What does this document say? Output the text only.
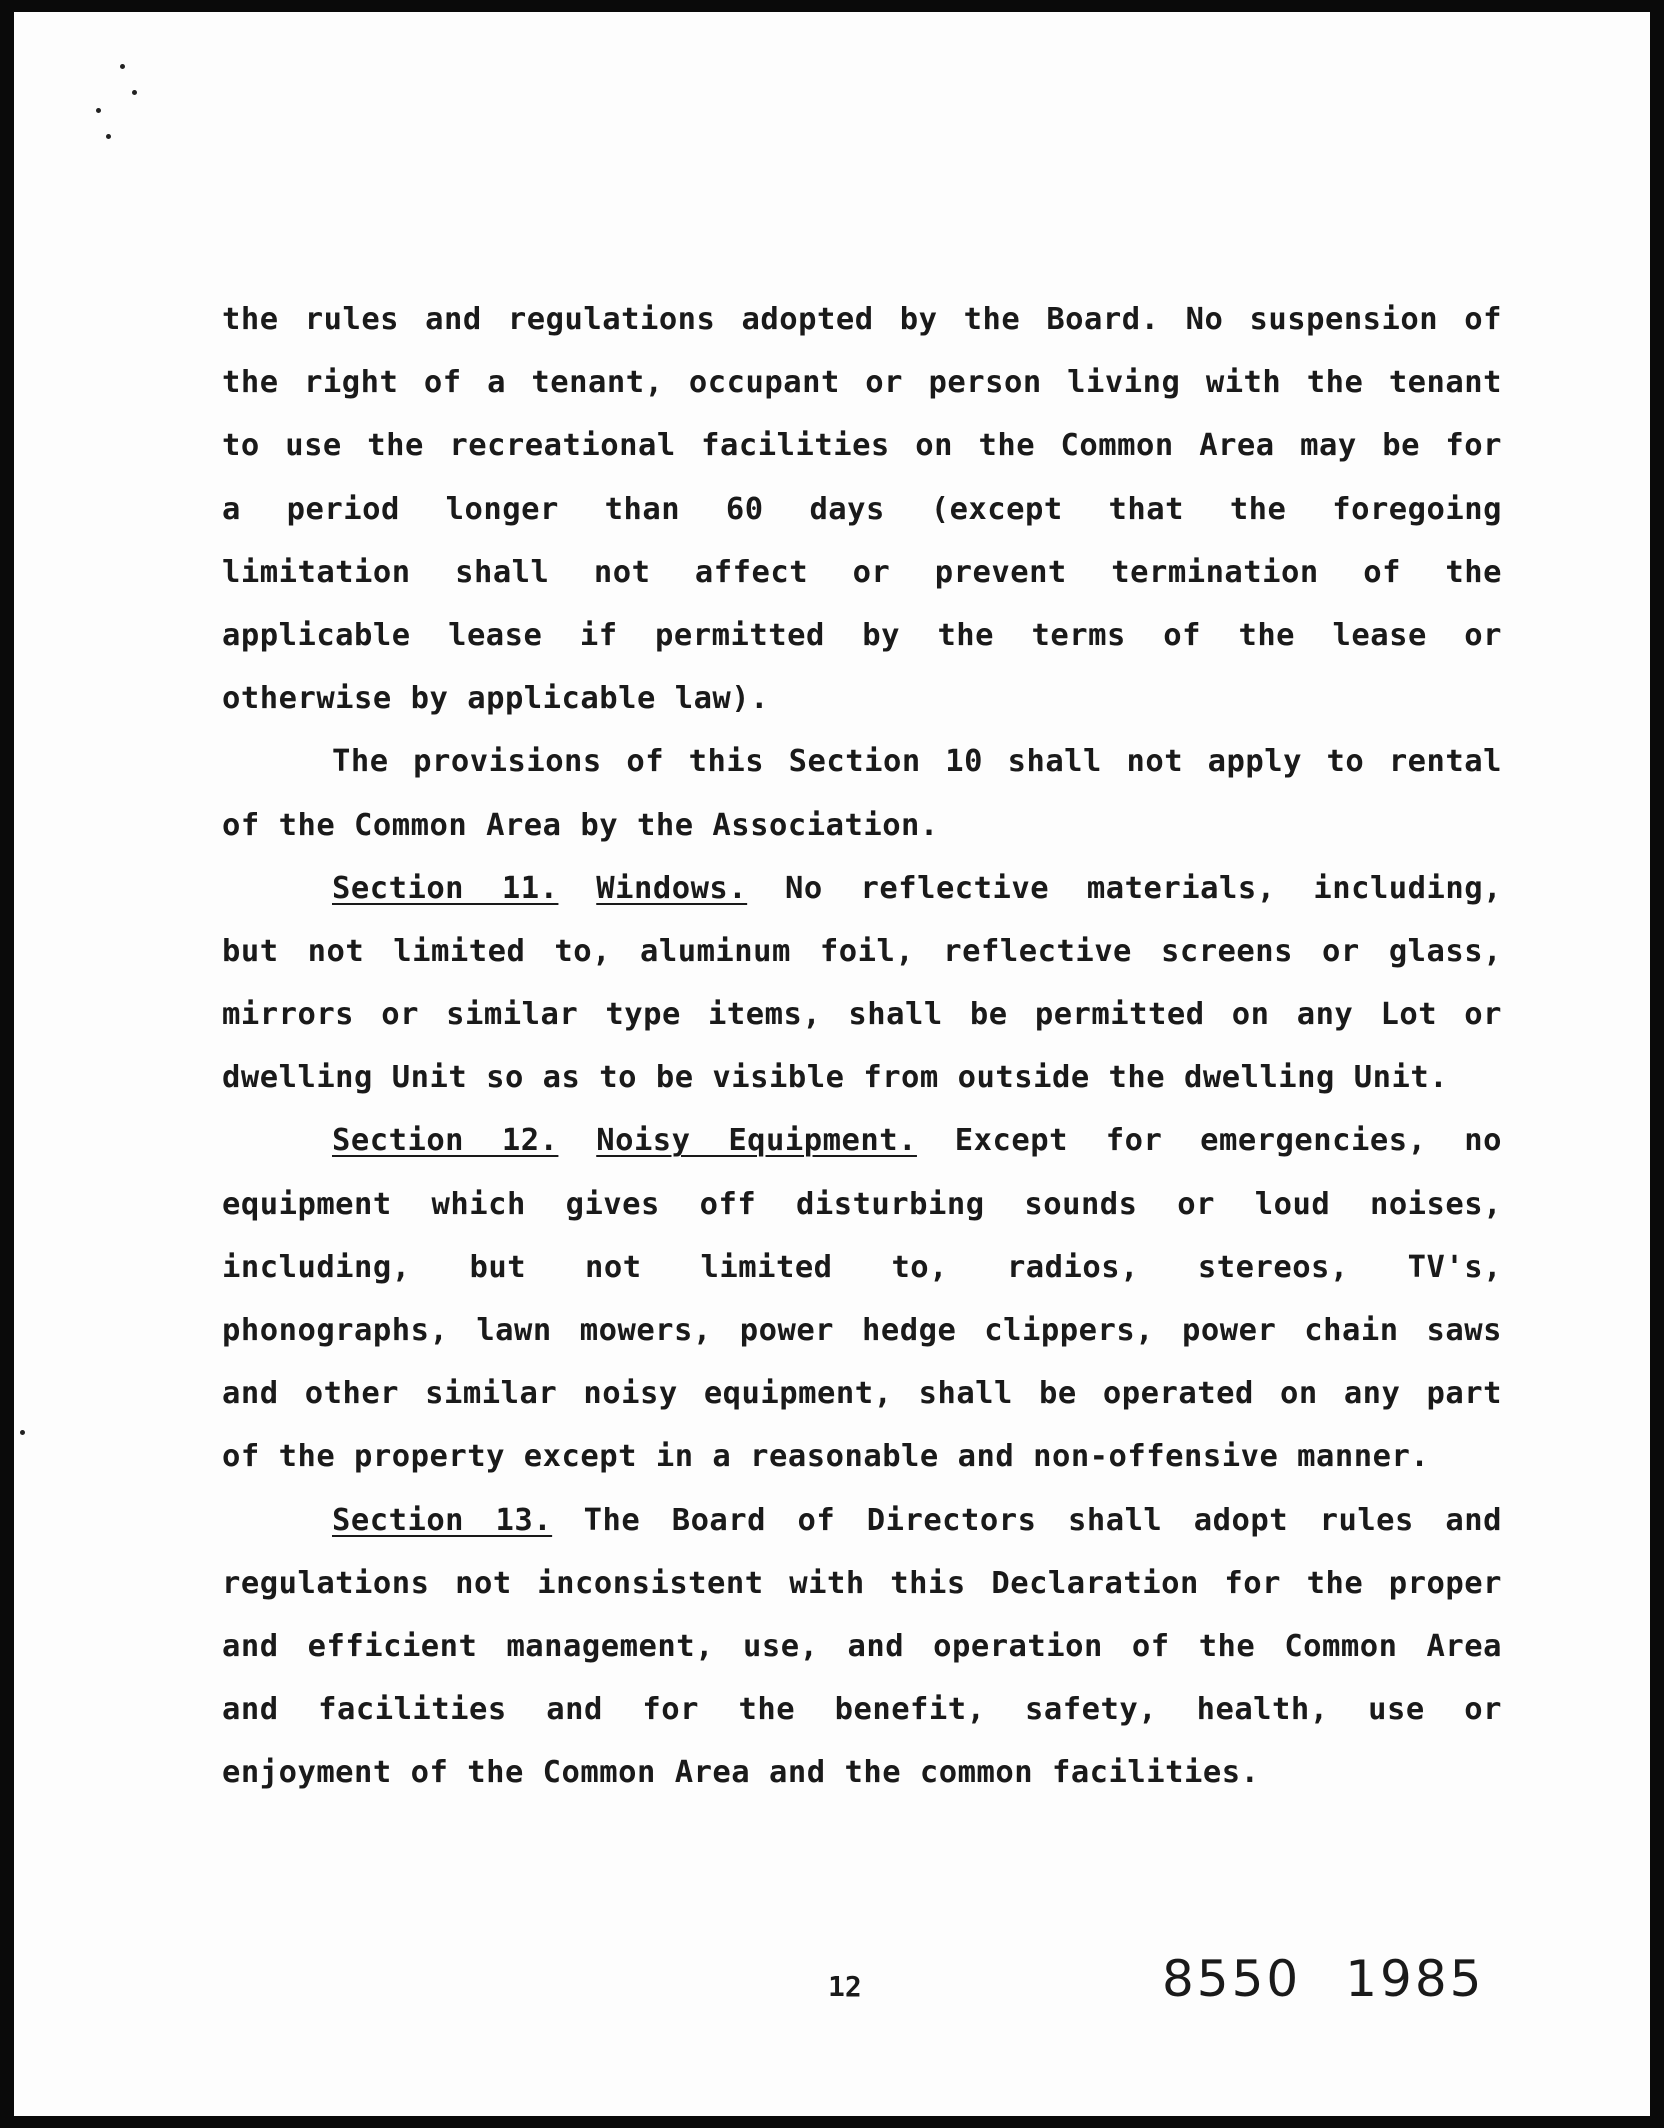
the rules and regulations adopted by the Board. No suspension of
the right of a tenant, occupant or person living with the tenant
to use the recreational facilities on the Common Area may be for
a period longer than 60 days (except that the foregoing
limitation shall not affect or prevent termination of the
applicable lease if permitted by the terms of the lease or
otherwise by applicable law).
The provisions of this Section 10 shall not apply to rental
of the Common Area by the Association.
Section 11. Windows. No reflective materials, including,
but not limited to, aluminum foil, reflective screens or glass,
mirrors or similar type items, shall be permitted on any Lot or
dwelling Unit so as to be visible from outside the dwelling Unit.
Section 12. Noisy Equipment. Except for emergencies, no
equipment which gives off disturbing sounds or loud noises,
including, but not limited to, radios, stereos, TV's,
phonographs, lawn mowers, power hedge clippers, power chain saws
and other similar noisy equipment, shall be operated on any part
of the property except in a reasonable and non-offensive manner.
Section 13. The Board of Directors shall adopt rules and
regulations not inconsistent with this Declaration for the proper
and efficient management, use, and operation of the Common Area
and facilities and for the benefit, safety, health, use or
enjoyment of the Common Area and the common facilities.
12	8550 1985
